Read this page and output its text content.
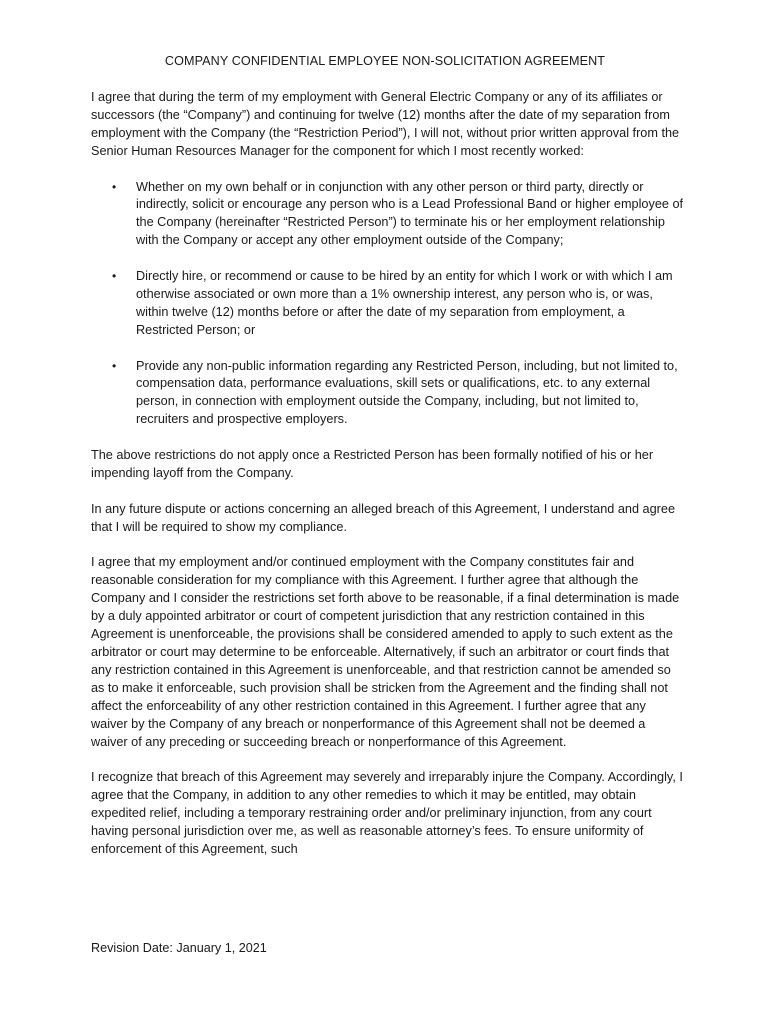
COMPANY CONFIDENTIAL EMPLOYEE NON-SOLICITATION AGREEMENT

I agree that during the term of my employment with General Electric Company or any of its affiliates or successors (the “Company”) and continuing for twelve (12) months after the date of my separation from employment with the Company (the “Restriction Period”), I will not, without prior written approval from the Senior Human Resources Manager for the component for which I most recently worked:

• Whether on my own behalf or in conjunction with any other person or third party, directly or indirectly, solicit or encourage any person who is a Lead Professional Band or higher employee of the Company (hereinafter “Restricted Person”) to terminate his or her employment relationship with the Company or accept any other employment outside of the Company;
• Directly hire, or recommend or cause to be hired by an entity for which I work or with which I am otherwise associated or own more than a 1% ownership interest, any person who is, or was, within twelve (12) months before or after the date of my separation from employment, a Restricted Person; or
• Provide any non-public information regarding any Restricted Person, including, but not limited to, compensation data, performance evaluations, skill sets or qualifications, etc. to any external person, in connection with employment outside the Company, including, but not limited to, recruiters and prospective employers.

The above restrictions do not apply once a Restricted Person has been formally notified of his or her impending layoff from the Company.

In any future dispute or actions concerning an alleged breach of this Agreement, I understand and agree that I will be required to show my compliance.

I agree that my employment and/or continued employment with the Company constitutes fair and reasonable consideration for my compliance with this Agreement. I further agree that although the Company and I consider the restrictions set forth above to be reasonable, if a final determination is made by a duly appointed arbitrator or court of competent jurisdiction that any restriction contained in this Agreement is unenforceable, the provisions shall be considered amended to apply to such extent as the arbitrator or court may determine to be enforceable. Alternatively, if such an arbitrator or court finds that any restriction contained in this Agreement is unenforceable, and that restriction cannot be amended so as to make it enforceable, such provision shall be stricken from the Agreement and the finding shall not affect the enforceability of any other restriction contained in this Agreement. I further agree that any waiver by the Company of any breach or nonperformance of this Agreement shall not be deemed a waiver of any preceding or succeeding breach or nonperformance of this Agreement.

I recognize that breach of this Agreement may severely and irreparably injure the Company. Accordingly, I agree that the Company, in addition to any other remedies to which it may be entitled, may obtain expedited relief, including a temporary restraining order and/or preliminary injunction, from any court having personal jurisdiction over me, as well as reasonable attorney’s fees. To ensure uniformity of enforcement of this Agreement, such

Revision Date: January 1, 2021
